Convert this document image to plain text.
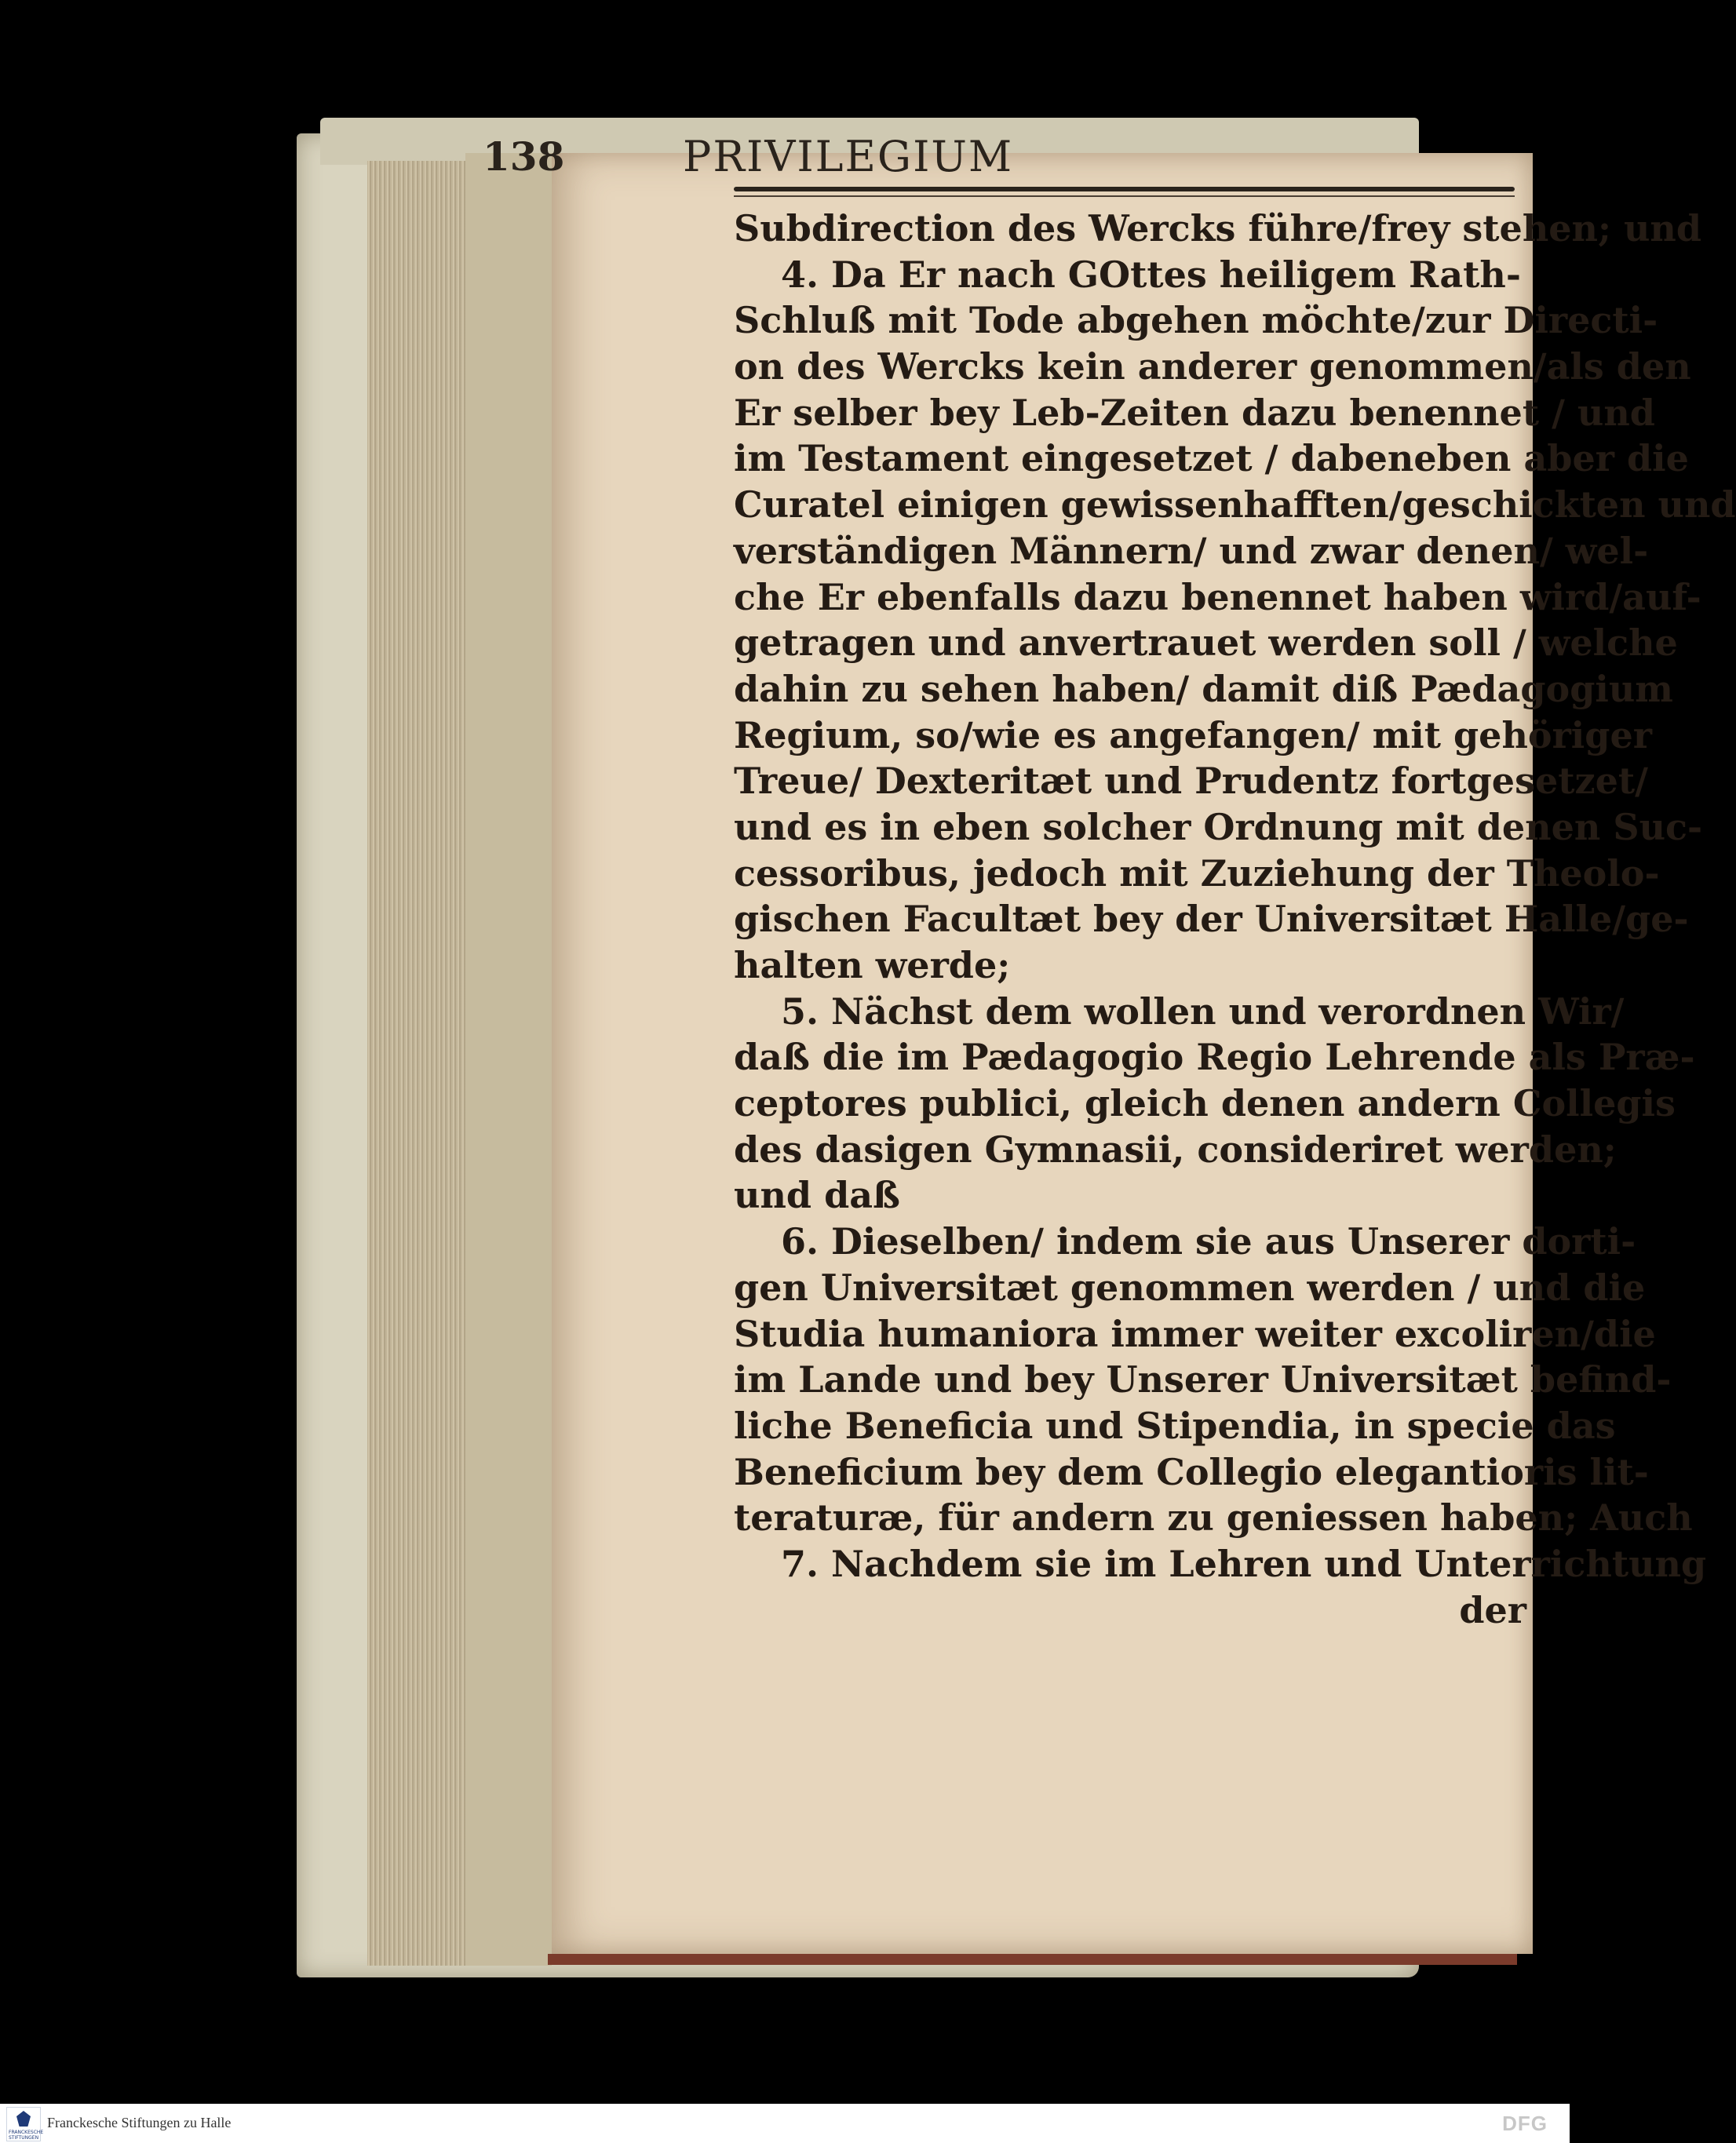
138	PRIVILEGIUM
Subdirection des Wercks führe/frey stehen; und
4. Da Er nach GOttes heiligem Rath-
Schluß mit Tode abgehen möchte/zur Directi-
on des Wercks kein anderer genommen/als den
Er selber bey Leb-Zeiten dazu benennet / und
im Testament eingesetzet / dabeneben aber die
Curatel einigen gewissenhafften/geschickten und
verständigen Männern/ und zwar denen/ wel-
che Er ebenfalls dazu benennet haben wird/auf-
getragen und anvertrauet werden soll / welche
dahin zu sehen haben/ damit diß Pædagogium
Regium, so/wie es angefangen/ mit gehöriger
Treue/ Dexteritæt und Prudentz fortgesetzet/
und es in eben solcher Ordnung mit denen Suc-
cessoribus, jedoch mit Zuziehung der Theolo-
gischen Facultæt bey der Universitæt Halle/ge-
halten werde;
5. Nächst dem wollen und verordnen Wir/
daß die im Pædagogio Regio Lehrende als Præ-
ceptores publici, gleich denen andern Collegis
des dasigen Gymnasii, consideriret werden;
und daß
6. Dieselben/ indem sie aus Unserer dorti-
gen Universitæt genommen werden / und die
Studia humaniora immer weiter excoliren/die
im Lande und bey Unserer Universitæt befind-
liche Beneficia und Stipendia, in specie das
Beneficium bey dem Collegio elegantioris lit-
teraturæ, für andern zu geniessen haben; Auch
7. Nachdem sie im Lehren und Unterrichtung
der
FRANCKESCHE STIFTUNGEN
Franckesche Stiftungen zu Halle	DFG
